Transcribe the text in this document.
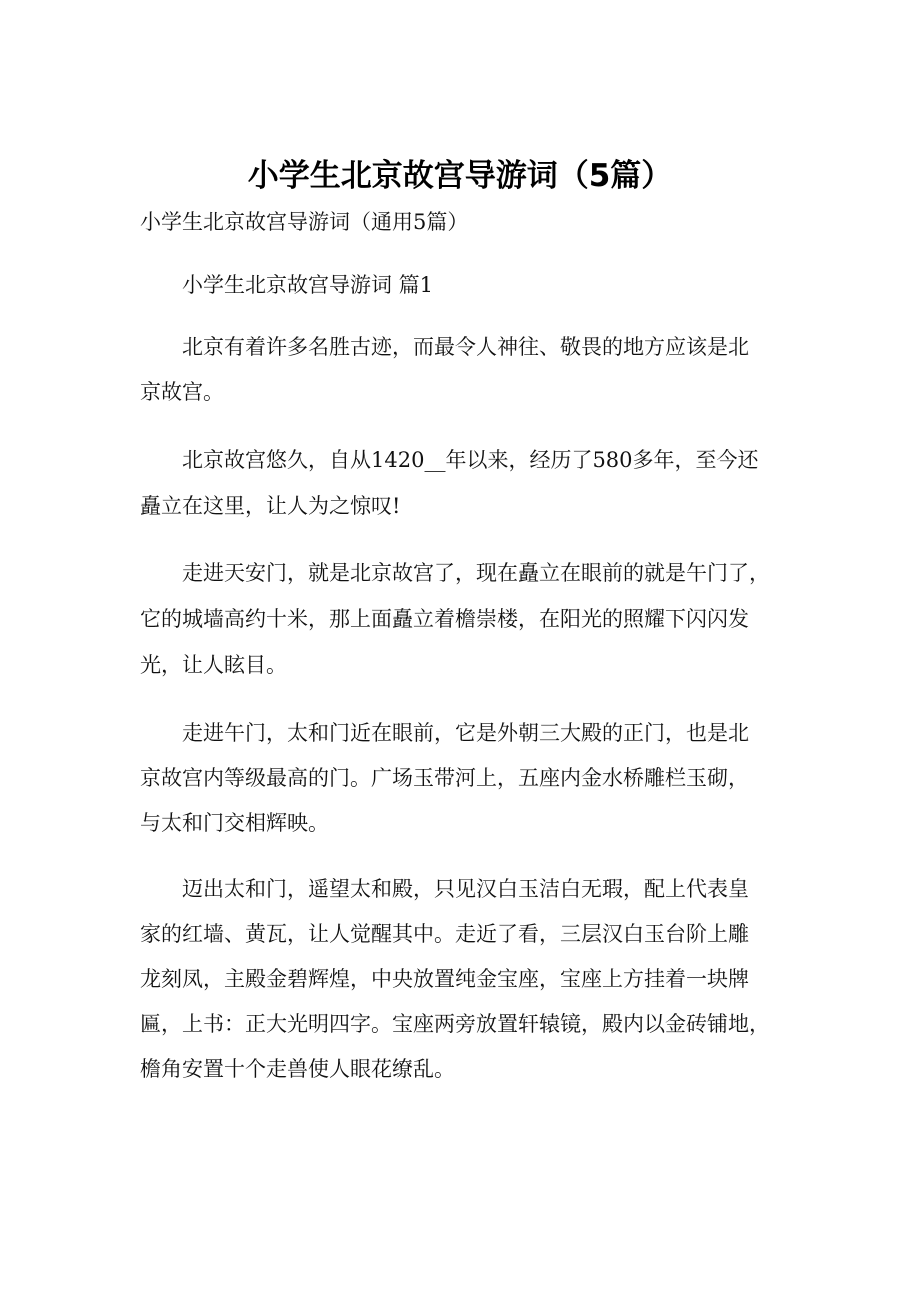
小学生北京故宫导游词（5篇）
小学生北京故宫导游词（通用5篇）
小学生北京故宫导游词 篇1
北京有着许多名胜古迹，而最令人神往、敬畏的地方应该是北
京故宫。
北京故宫悠久，自从1420__年以来，经历了580多年，至今还
矗立在这里，让人为之惊叹!
走进天安门，就是北京故宫了，现在矗立在眼前的就是午门了，
它的城墙高约十米，那上面矗立着檐崇楼，在阳光的照耀下闪闪发
光，让人眩目。
走进午门，太和门近在眼前，它是外朝三大殿的正门，也是北
京故宫内等级最高的门。广场玉带河上，五座内金水桥雕栏玉砌，
与太和门交相辉映。
迈出太和门，遥望太和殿，只见汉白玉洁白无瑕，配上代表皇
家的红墙、黄瓦，让人觉醒其中。走近了看，三层汉白玉台阶上雕
龙刻凤，主殿金碧辉煌，中央放置纯金宝座，宝座上方挂着一块牌
匾，上书：正大光明四字。宝座两旁放置轩辕镜，殿内以金砖铺地，
檐角安置十个走兽使人眼花缭乱。
